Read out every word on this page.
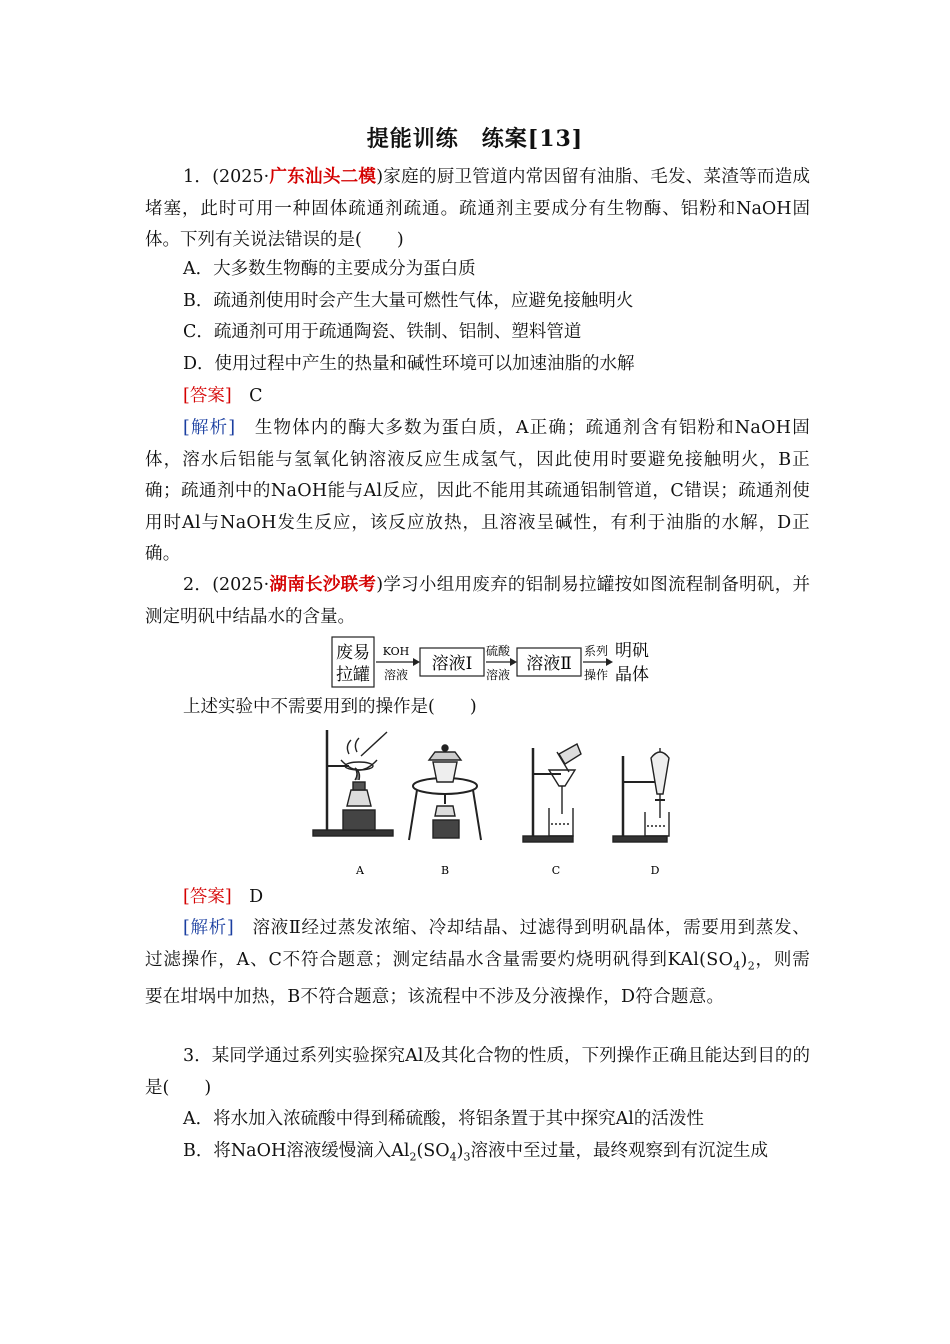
提能训练　练案[13]
1．(2025·广东汕头二模)家庭的厨卫管道内常因留有油脂、毛发、菜渣等而造成堵塞，此时可用一种固体疏通剂疏通。疏通剂主要成分有生物酶、铝粉和NaOH固体。下列有关说法错误的是(　　)
A．大多数生物酶的主要成分为蛋白质
B．疏通剂使用时会产生大量可燃性气体，应避免接触明火
C．疏通剂可用于疏通陶瓷、铁制、铝制、塑料管道
D．使用过程中产生的热量和碱性环境可以加速油脂的水解
[答案]　 C
[解析]　 生物体内的酶大多数为蛋白质，A正确；疏通剂含有铝粉和NaOH固体，溶水后铝能与氢氧化钠溶液反应生成氢气，因此使用时要避免接触明火，B正确；疏通剂中的NaOH能与Al反应，因此不能用其疏通铝制管道，C错误；疏通剂使用时Al与NaOH发生反应，该反应放热，且溶液呈碱性，有利于油脂的水解，D正确。
2．(2025·湖南长沙联考)学习小组用废弃的铝制易拉罐按如图流程制备明矾，并测定明矾中结晶水的含量。
废易
拉罐
KOH
溶液
溶液Ⅰ
硫酸
溶液
溶液Ⅱ
系列
操作
明矾
晶体
上述实验中不需要用到的操作是(　　)
A	B	C	D
[答案]　 D
[解析]　 溶液Ⅱ经过蒸发浓缩、冷却结晶、过滤得到明矾晶体，需要用到蒸发、过滤操作，A、C不符合题意；测定结晶水含量需要灼烧明矾得到$KAl(SO_4)_2$，则需要在坩埚中加热，B不符合题意；该流程中不涉及分液操作，D符合题意。
3．某同学通过系列实验探究Al及其化合物的性质，下列操作正确且能达到目的的是(　　)
A．将水加入浓硫酸中得到稀硫酸，将铝条置于其中探究Al的活泼性
B．将NaOH溶液缓慢滴入$Al_2(SO_4)_3$溶液中至过量，最终观察到有沉淀生成
